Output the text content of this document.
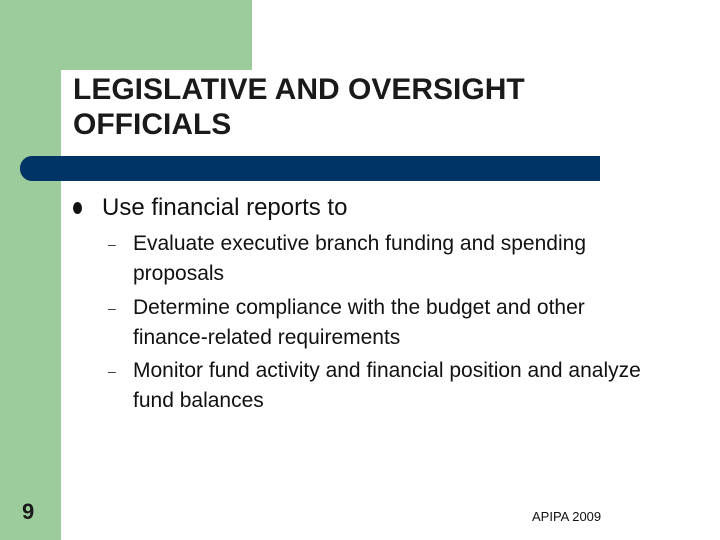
LEGISLATIVE AND OVERSIGHT
OFFICIALS
Use financial reports to
– Evaluate executive branch funding and spending proposals
– Determine compliance with the budget and other finance-related requirements
– Monitor fund activity and financial position and analyze fund balances
9	APIPA 2009
